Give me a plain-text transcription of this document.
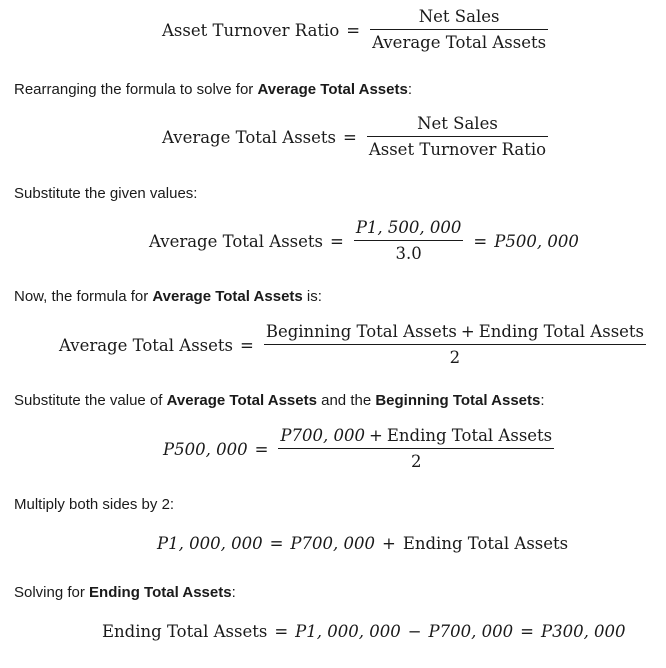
Asset Turnover Ratio = $\frac{\text{Net Sales}}{\text{Average Total Assets}}$
Rearranging the formula to solve for Average Total Assets:
Average Total Assets = $\frac{\text{Net Sales}}{\text{Asset Turnover Ratio}}$
Substitute the given values:
Average Total Assets = $\frac{P1, 500, 000}{3.0} = P500$, 000
Now, the formula for Average Total Assets is:
Average Total Assets = $\frac{\text{Beginning Total Assets + Ending Total Assets}}{2}$
Substitute the value of Average Total Assets and the Beginning Total Assets:
P500, $000 = \frac{\text{P700, 000 + Ending Total Assets}}{2}$
Multiply both sides by 2:
P1, 000, 000 = P700, 000 + Ending Total Assets
Solving for Ending Total Assets:
Ending Total Assets = P1, 000, 000 − P700, 000 = P300, 000
